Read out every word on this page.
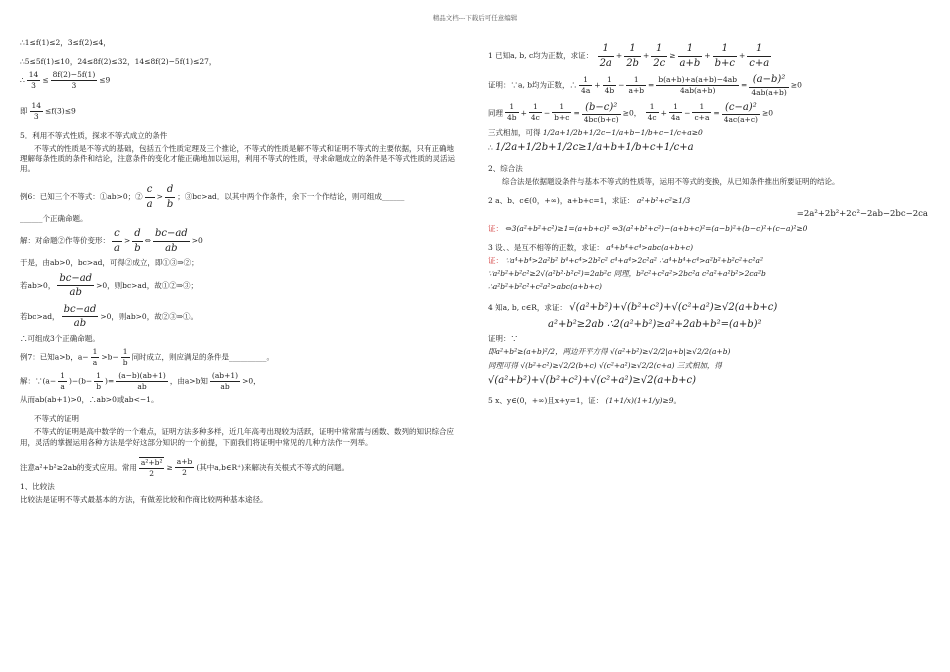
精品文档---下载后可任意编辑
∴1≤f(1)≤2，3≤f(2)≤4，
∴5≤5f(1)≤10，24≤8f(2)≤32，14≤8f(2)−5f(1)≤27，
∴ $\frac{14}{3} \le \frac{8f(2)-5f(1)}{3} \le 9$
即 $\frac{14}{3} \le f(3)\le 9$
5．利用不等式性质，探求不等式成立的条件
不等式的性质是不等式的基础，包括五个性质定理及三个推论，不等式的性质是解不等式和证明不等式的主要依据，只有正确地理解每条性质的条件和结论，注意条件的变化才能正确地加以运用，利用不等式的性质，寻求命题成立的条件是不等式性质的灵活运用。
例6：已知三个不等式：①ab>0；② $\frac{c}{a} > \frac{d}{b}$ ；③bc>ad．以其中两个作条件，余下一个作结论，则可组成______
______个正确命题。
解：对命题②作等价变形： $\frac{c}{a} > \frac{d}{b}$ ⇔ $\frac{bc-ad}{ab} >0$
于是，由ab>0，bc>ad，可得②成立，即①③⇒②；
若ab>0， $\frac{bc-ad}{ab} >0$，则bc>ad，故①②⇒③；
若bc>ad， $\frac{bc-ad}{ab} >0$，则ab>0，故②③⇒①。
∴可组成3个正确命题。
例7：已知a>b，$a- \frac{1}{a} >b- \frac{1}{b}$ 同时成立，则应满足的条件是__________。
解：∵(a− $\frac{1}{a} )-(b- \frac{1}{b}$ )= $\frac{(a-b)(ab+1)}{ab}$ ，由a>b知 $\frac{(ab+1)}{ab} >0$，
从而ab(ab+1)>0，∴ab>0或ab<−1。
不等式的证明
不等式的证明是高中数学的一个难点，证明方法多种多样，近几年高考出现较为活跃，证明中常常需与函数、数列的知识综合应用，灵活的掌握运用各种方法是学好这部分知识的一个前提，下面我们将证明中常见的几种方法作一列举。
注意a²+b²≥2ab的变式应用。常用 $\frac{\text{a²+b²}}{2} \ge \frac{a+b}{2}$ (其中a,b∈R⁺)来解决有关根式不等式的问题。
1、比较法
比较法是证明不等式最基本的方法，有做差比较和作商比较两种基本途径。
1 已知a, b, c均为正数，求证： $\frac{1}{2a} + \frac{1}{2b} + \frac{1}{2c} \ge \frac{1}{a+b} + \frac{1}{b+c} + \frac{1}{c+a}$
证明：∵a, b均为正数，∴ $\frac{1}{4a} + \frac{1}{4b} - \frac{1}{a+b} = \frac{b(a+b)+a(a+b)-4ab}{4ab(a+b)} = \frac{\text{(a−b)²}}{4ab(a+b)} \ge 0$
同理 $\frac{1}{4b} + \frac{1}{4c} - \frac{1}{b+c} = \frac{\text{(b−c)²}}{4bc(b+c)} \ge 0$， $\frac{1}{4c} + \frac{1}{4a} - \frac{1}{c+a} = \frac{\text{(c−a)²}}{4ac(a+c)} \ge 0$
三式相加，可得 1/2a+1/2b+1/2c−1/a+b−1/b+c−1/c+a≥0
∴ 1/2a+1/2b+1/2c≥1/a+b+1/b+c+1/c+a
2、综合法
综合法是依据题设条件与基本不等式的性质等，运用不等式的变换，从已知条件推出所要证明的结论。
2 a、b、c∈(0，+∞)，a+b+c=1，求证： a²+b²+c²≥1/3
=2a²+2b²+2c²−2ab−2bc−2ca
证： ⇔3(a²+b²+c²)≥1=(a+b+c)² ⇔3(a²+b²+c²)−(a+b+c)²=(a−b)²+(b−c)²+(c−a)²≥0
3 设、、是互不相等的正数，求证： a⁴+b⁴+c⁴>abc(a+b+c)
证： ∵a⁴+b⁴>2a²b² b⁴+c⁴>2b²c² c⁴+a⁴>2c²a² ∴a⁴+b⁴+c⁴>a²b²+b²c²+c²a²
∵a²b²+b²c²≥2√(a²b²·b²c²)=2ab²c 同理，b²c²+c²a²>2bc²a c²a²+a²b²>2ca²b
∴a²b²+b²c²+c²a²>abc(a+b+c)
4 知a, b, c∈R，求证： √(a²+b²)+√(b²+c²)+√(c²+a²)≥√2(a+b+c)
a²+b²≥2ab ∴2(a²+b²)≥a²+2ab+b²=(a+b)²
证明：∵
即a²+b²≥(a+b)²/2，两边开平方得 √(a²+b²)≥√2/2|a+b|≥√2/2(a+b)
同理可得 √(b²+c²)≥√2/2(b+c) √(c²+a²)≥√2/2(c+a) 三式相加，得
√(a²+b²)+√(b²+c²)+√(c²+a²)≥√2(a+b+c)
5 x、y∈(0，+∞)且x+y=1，证： (1+1/x)(1+1/y)≥9。
